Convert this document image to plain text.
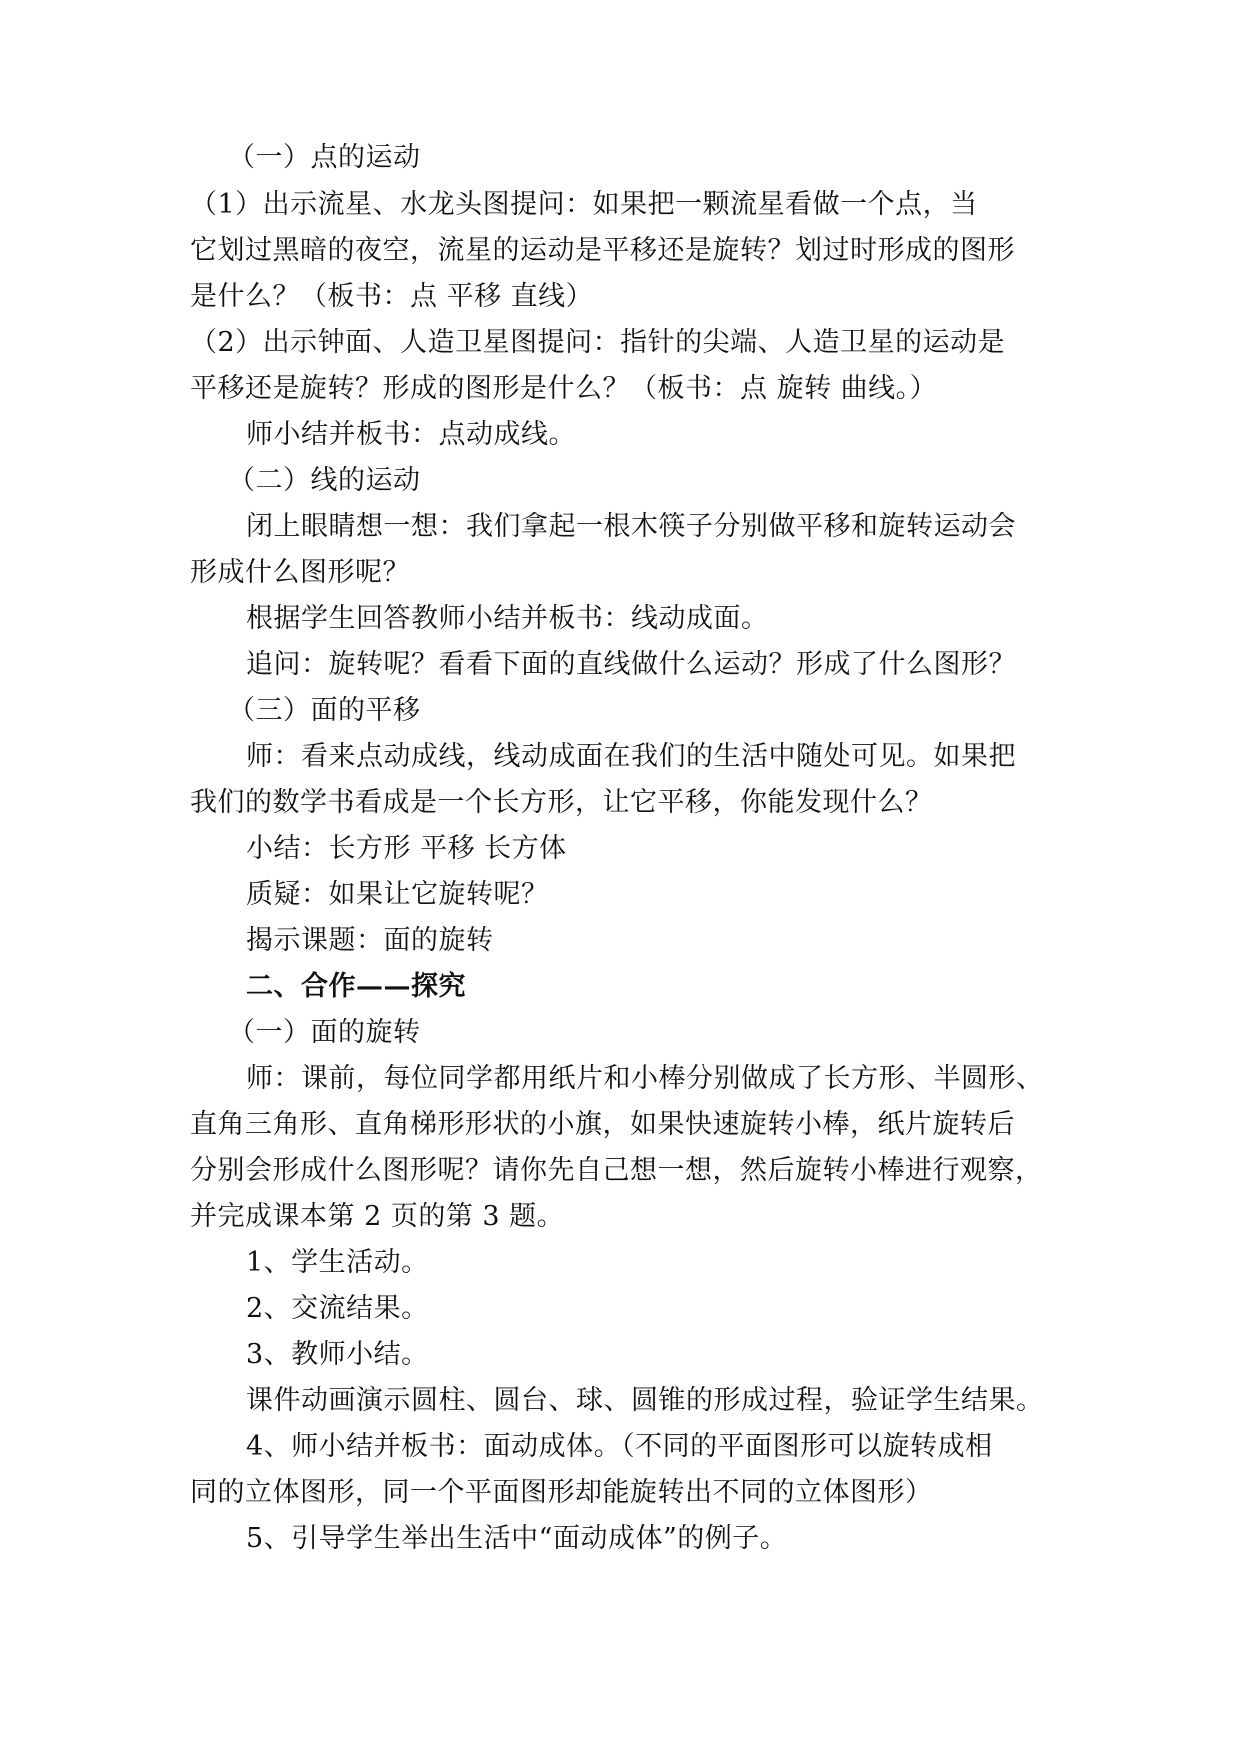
（一）点的运动
（1）出示流星、水龙头图提问：如果把一颗流星看做一个点，当
它划过黑暗的夜空，流星的运动是平移还是旋转？划过时形成的图形
是什么？（板书：点 平移 直线）
（2）出示钟面、人造卫星图提问：指针的尖端、人造卫星的运动是
平移还是旋转？形成的图形是什么？（板书：点 旋转 曲线。）
师小结并板书：点动成线。
（二）线的运动
闭上眼睛想一想：我们拿起一根木筷子分别做平移和旋转运动会
形成什么图形呢？
根据学生回答教师小结并板书：线动成面。
追问：旋转呢？看看下面的直线做什么运动？形成了什么图形？
（三）面的平移
师：看来点动成线，线动成面在我们的生活中随处可见。如果把
我们的数学书看成是一个长方形，让它平移，你能发现什么？
小结：长方形 平移 长方体
质疑：如果让它旋转呢？
揭示课题：面的旋转
二、合作——探究
（一）面的旋转
师：课前，每位同学都用纸片和小棒分别做成了长方形、半圆形、
直角三角形、直角梯形形状的小旗，如果快速旋转小棒，纸片旋转后
分别会形成什么图形呢？请你先自己想一想，然后旋转小棒进行观察，
并完成课本第 2 页的第 3 题。
1、学生活动。
2、交流结果。
3、教师小结。
课件动画演示圆柱、圆台、球、圆锥的形成过程，验证学生结果。
4、师小结并板书：面动成体。（不同的平面图形可以旋转成相
同的立体图形，同一个平面图形却能旋转出不同的立体图形）
5、引导学生举出生活中“面动成体”的例子。
